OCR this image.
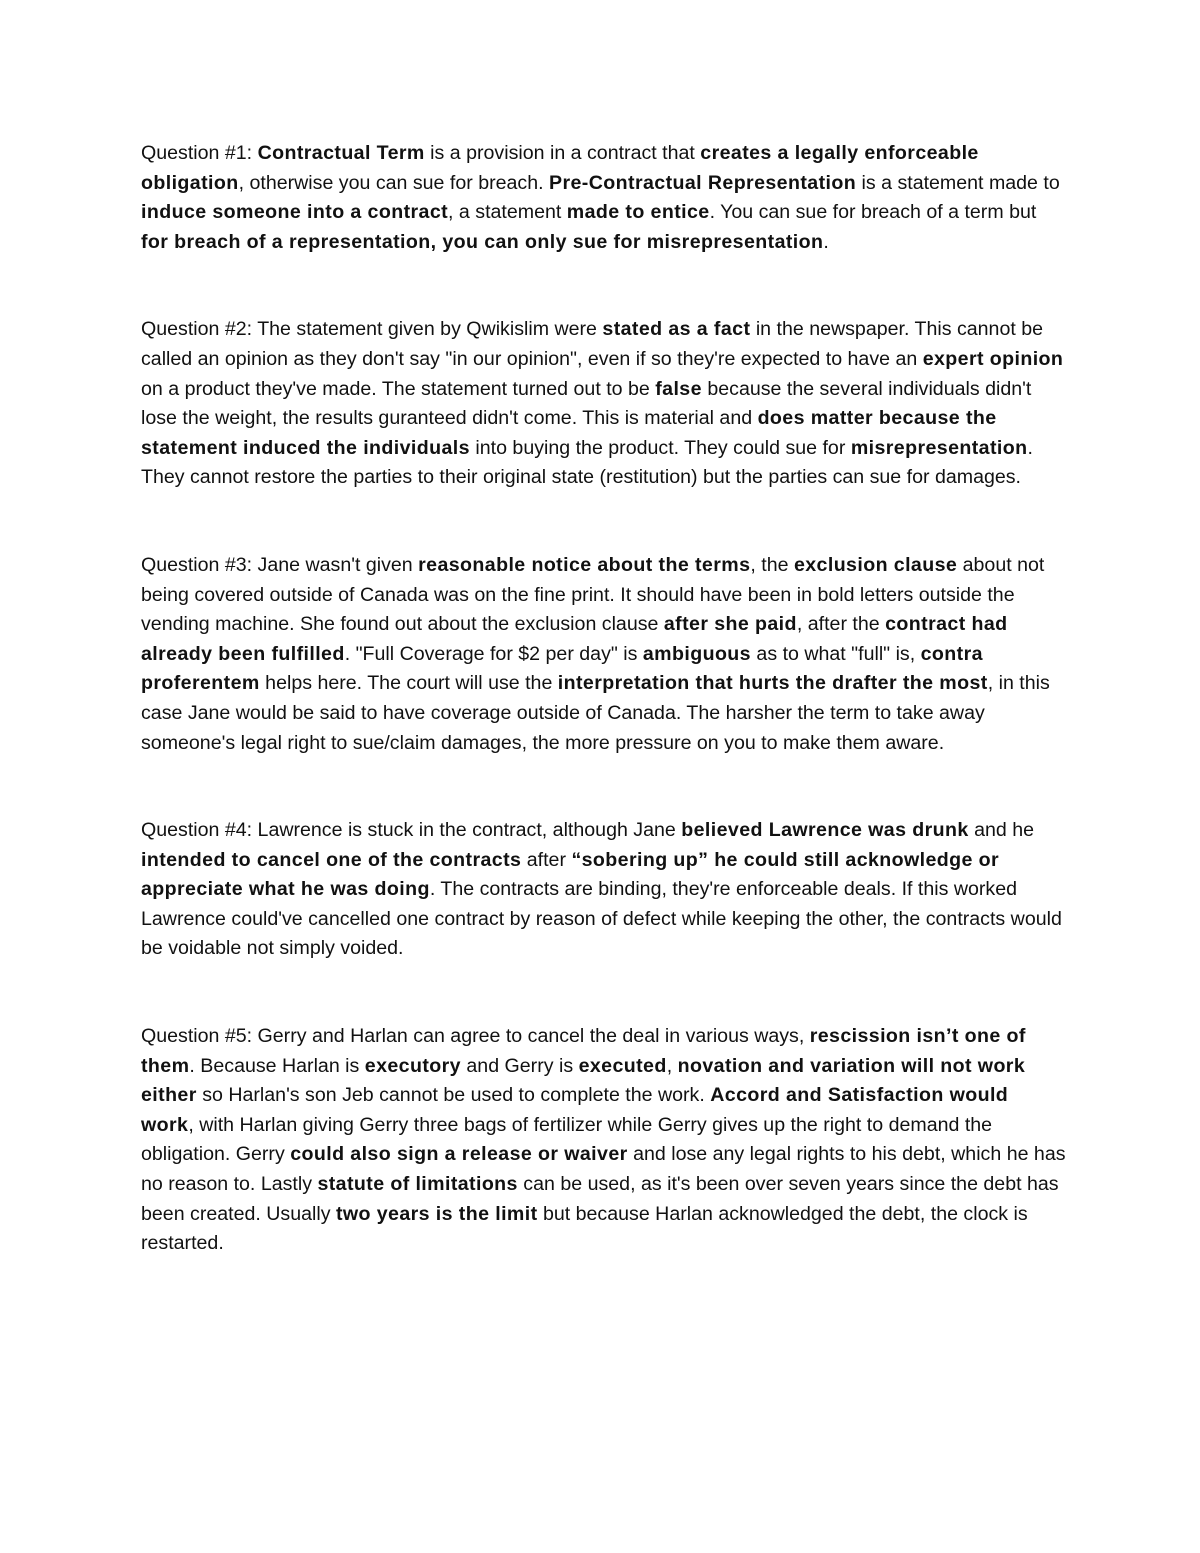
Question #1: Contractual Term is a provision in a contract that creates a legally enforceable obligation, otherwise you can sue for breach. Pre-Contractual Representation is a statement made to induce someone into a contract, a statement made to entice. You can sue for breach of a term but for breach of a representation, you can only sue for misrepresentation.

Question #2: The statement given by Qwikislim were stated as a fact in the newspaper. This cannot be called an opinion as they don't say "in our opinion", even if so they're expected to have an expert opinion on a product they've made. The statement turned out to be false because the several individuals didn't lose the weight, the results guranteed didn't come. This is material and does matter because the statement induced the individuals into buying the product. They could sue for misrepresentation. They cannot restore the parties to their original state (restitution) but the parties can sue for damages.

Question #3: Jane wasn't given reasonable notice about the terms, the exclusion clause about not being covered outside of Canada was on the fine print. It should have been in bold letters outside the vending machine. She found out about the exclusion clause after she paid, after the contract had already been fulfilled. "Full Coverage for $2 per day" is ambiguous as to what "full" is, contra proferentem helps here. The court will use the interpretation that hurts the drafter the most, in this case Jane would be said to have coverage outside of Canada. The harsher the term to take away someone's legal right to sue/claim damages, the more pressure on you to make them aware.

Question #4: Lawrence is stuck in the contract, although Jane believed Lawrence was drunk and he intended to cancel one of the contracts after “sobering up” he could still acknowledge or appreciate what he was doing. The contracts are binding, they're enforceable deals. If this worked Lawrence could've cancelled one contract by reason of defect while keeping the other, the contracts would be voidable not simply voided.

Question #5: Gerry and Harlan can agree to cancel the deal in various ways, rescission isn’t one of them. Because Harlan is executory and Gerry is executed, novation and variation will not work either so Harlan's son Jeb cannot be used to complete the work. Accord and Satisfaction would work, with Harlan giving Gerry three bags of fertilizer while Gerry gives up the right to demand the obligation. Gerry could also sign a release or waiver and lose any legal rights to his debt, which he has no reason to. Lastly statute of limitations can be used, as it's been over seven years since the debt has been created. Usually two years is the limit but because Harlan acknowledged the debt, the clock is restarted.
